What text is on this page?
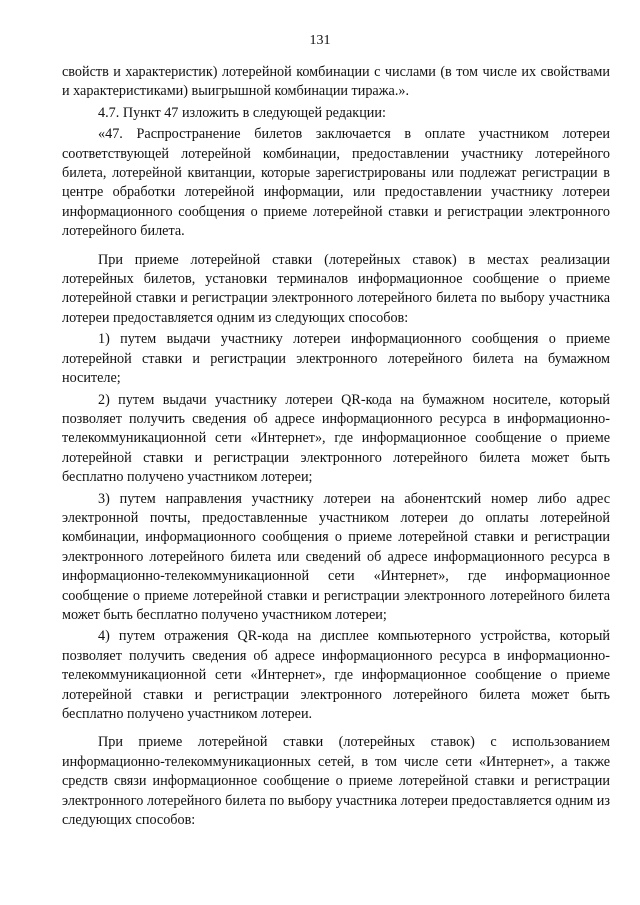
131

свойств и характеристик) лотерейной комбинации с числами (в том числе их свойствами и характеристиками) выигрышной комбинации тиража.».

4.7. Пункт 47 изложить в следующей редакции:

«47. Распространение билетов заключается в оплате участником лотереи соответствующей лотерейной комбинации, предоставлении участнику лотерейного билета, лотерейной квитанции, которые зарегистрированы или подлежат регистрации в центре обработки лотерейной информации, или предоставлении участнику лотереи информационного сообщения о приеме лотерейной ставки и регистрации электронного лотерейного билета.

При приеме лотерейной ставки (лотерейных ставок) в местах реализации лотерейных билетов, установки терминалов информационное сообщение о приеме лотерейной ставки и регистрации электронного лотерейного билета по выбору участника лотереи предоставляется одним из следующих способов:

1) путем выдачи участнику лотереи информационного сообщения о приеме лотерейной ставки и регистрации электронного лотерейного билета на бумажном носителе;

2) путем выдачи участнику лотереи QR-кода на бумажном носителе, который позволяет получить сведения об адресе информационного ресурса в информационно-телекоммуникационной сети «Интернет», где информационное сообщение о приеме лотерейной ставки и регистрации электронного лотерейного билета может быть бесплатно получено участником лотереи;

3) путем направления участнику лотереи на абонентский номер либо адрес электронной почты, предоставленные участником лотереи до оплаты лотерейной комбинации, информационного сообщения о приеме лотерейной ставки и регистрации электронного лотерейного билета или сведений об адресе информационного ресурса в информационно-телекоммуникационной сети «Интернет», где информационное сообщение о приеме лотерейной ставки и регистрации электронного лотерейного билета может быть бесплатно получено участником лотереи;

4) путем отражения QR-кода на дисплее компьютерного устройства, который позволяет получить сведения об адресе информационного ресурса в информационно-телекоммуникационной сети «Интернет», где информационное сообщение о приеме лотерейной ставки и регистрации электронного лотерейного билета может быть бесплатно получено участником лотереи.

При приеме лотерейной ставки (лотерейных ставок) с использованием информационно-телекоммуникационных сетей, в том числе сети «Интернет», а также средств связи информационное сообщение о приеме лотерейной ставки и регистрации электронного лотерейного билета по выбору участника лотереи предоставляется одним из следующих способов:
